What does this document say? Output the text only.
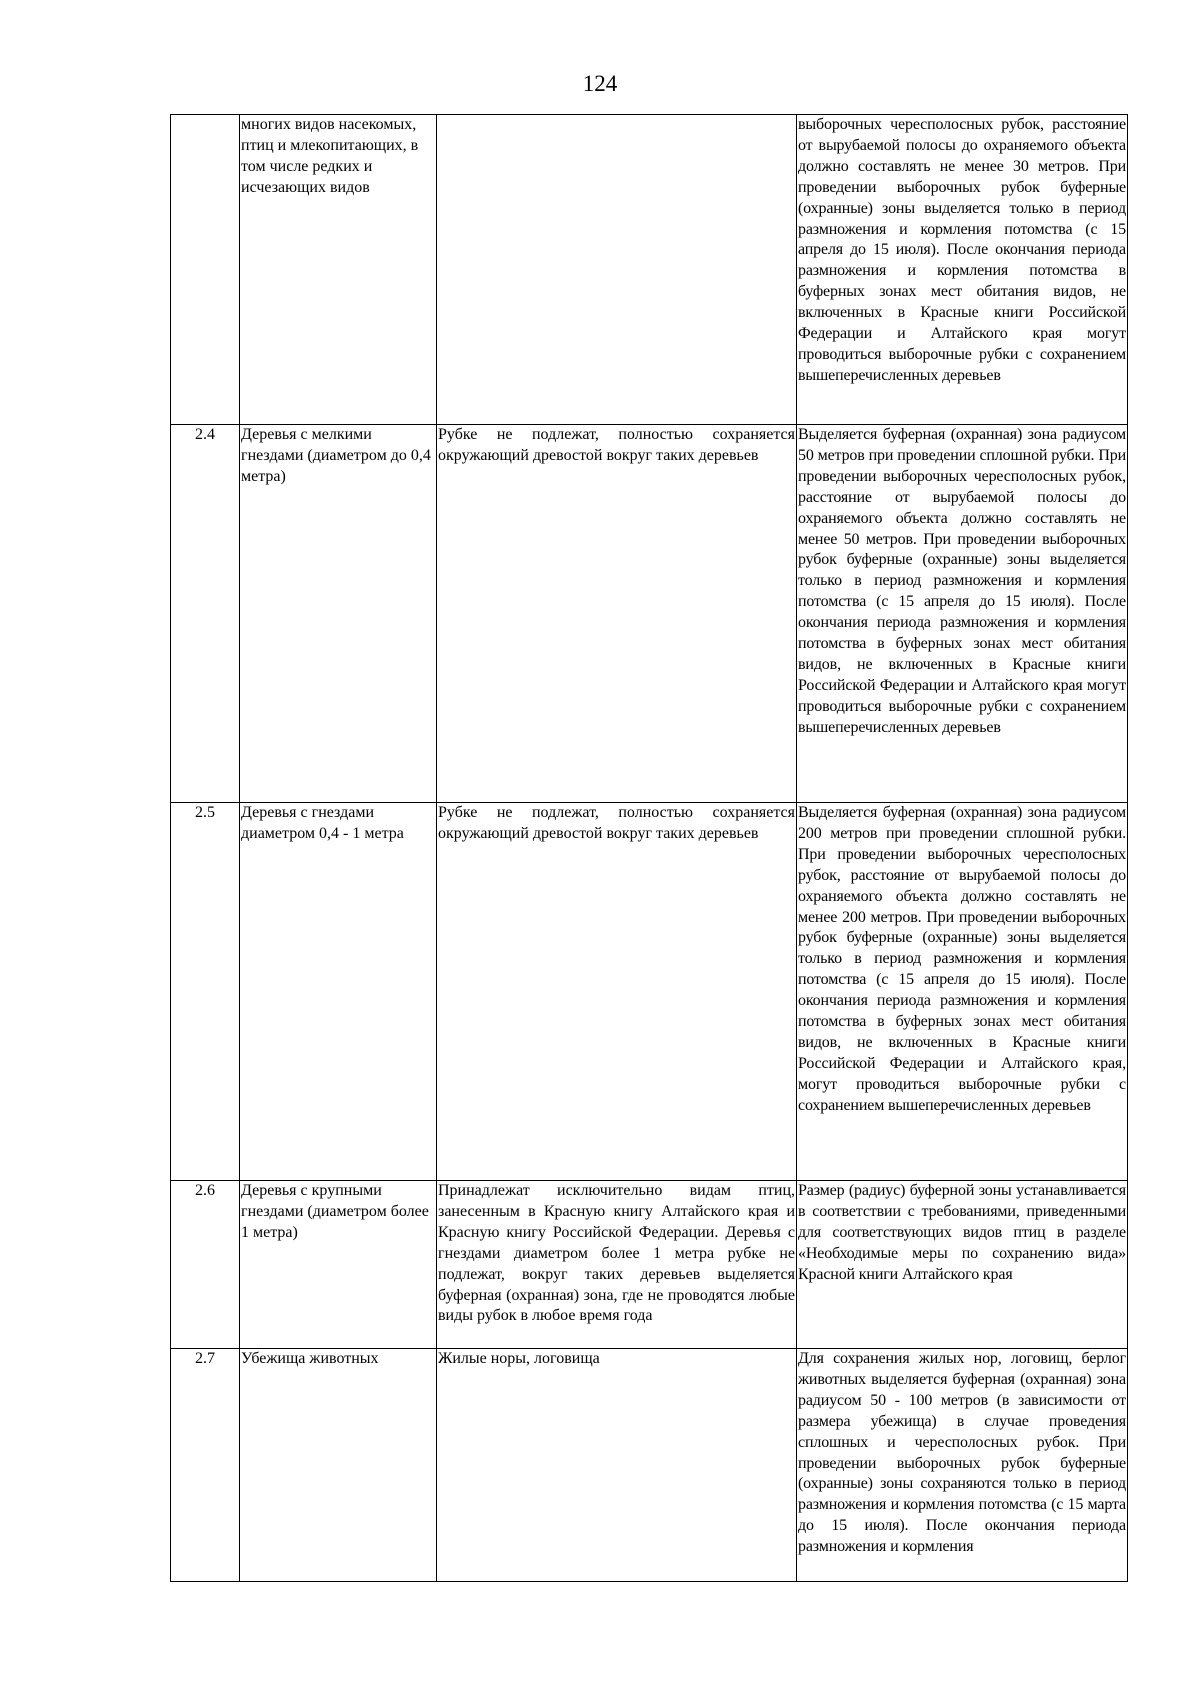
124
	многих видов насекомых, птиц и млекопитающих, в том числе редких и исчезающих видов		выборочных чересполосных рубок, расстояние от вырубаемой полосы до охраняемого объекта должно составлять не менее 30 метров. При проведении выборочных рубок буферные (охранные) зоны выделяется только в период размножения и кормления потомства (с 15 апреля до 15 июля). После окончания периода размножения и кормления потомства в буферных зонах мест обитания видов, не включенных в Красные книги Российской Федерации и Алтайского края могут проводиться выборочные рубки с сохранением вышеперечисленных деревьев
2.4	Деревья с мелкими гнездами (диаметром до 0,4 метра)	Рубке не подлежат, полностью сохраняется окружающий древостой вокруг таких деревьев	Выделяется буферная (охранная) зона радиусом 50 метров при проведении сплошной рубки. При проведении выборочных чересполосных рубок, расстояние от вырубаемой полосы до охраняемого объекта должно составлять не менее 50 метров. При проведении выборочных рубок буферные (охранные) зоны выделяется только в период размножения и кормления потомства (с 15 апреля до 15 июля). После окончания периода размножения и кормления потомства в буферных зонах мест обитания видов, не включенных в Красные книги Российской Федерации и Алтайского края могут проводиться выборочные рубки с сохранением вышеперечисленных деревьев
2.5	Деревья с гнездами диаметром 0,4 - 1 метра	Рубке не подлежат, полностью сохраняется окружающий древостой вокруг таких деревьев	Выделяется буферная (охранная) зона радиусом 200 метров при проведении сплошной рубки. При проведении выборочных чересполосных рубок, расстояние от вырубаемой полосы до охраняемого объекта должно составлять не менее 200 метров. При проведении выборочных рубок буферные (охранные) зоны выделяется только в период размножения и кормления потомства (с 15 апреля до 15 июля). После окончания периода размножения и кормления потомства в буферных зонах мест обитания видов, не включенных в Красные книги Российской Федерации и Алтайского края, могут проводиться выборочные рубки с сохранением вышеперечисленных деревьев
2.6	Деревья с крупными гнездами (диаметром более 1 метра)	Принадлежат исключительно видам птиц, занесенным в Красную книгу Алтайского края и Красную книгу Российской Федерации. Деревья с гнездами диаметром более 1 метра рубке не подлежат, вокруг таких деревьев выделяется буферная (охранная) зона, где не проводятся любые виды рубок в любое время года	Размер (радиус) буферной зоны устанавливается в соответствии с требованиями, приведенными для соответствующих видов птиц в разделе «Необходимые меры по сохранению вида» Красной книги Алтайского края
2.7	Убежища животных	Жилые норы, логовища	Для сохранения жилых нор, логовищ, берлог животных выделяется буферная (охранная) зона радиусом 50 - 100 метров (в зависимости от размера убежища) в случае проведения сплошных и чересполосных рубок. При проведении выборочных рубок буферные (охранные) зоны сохраняются только в период размножения и кормления потомства (с 15 марта до 15 июля). После окончания периода размножения и кормления
